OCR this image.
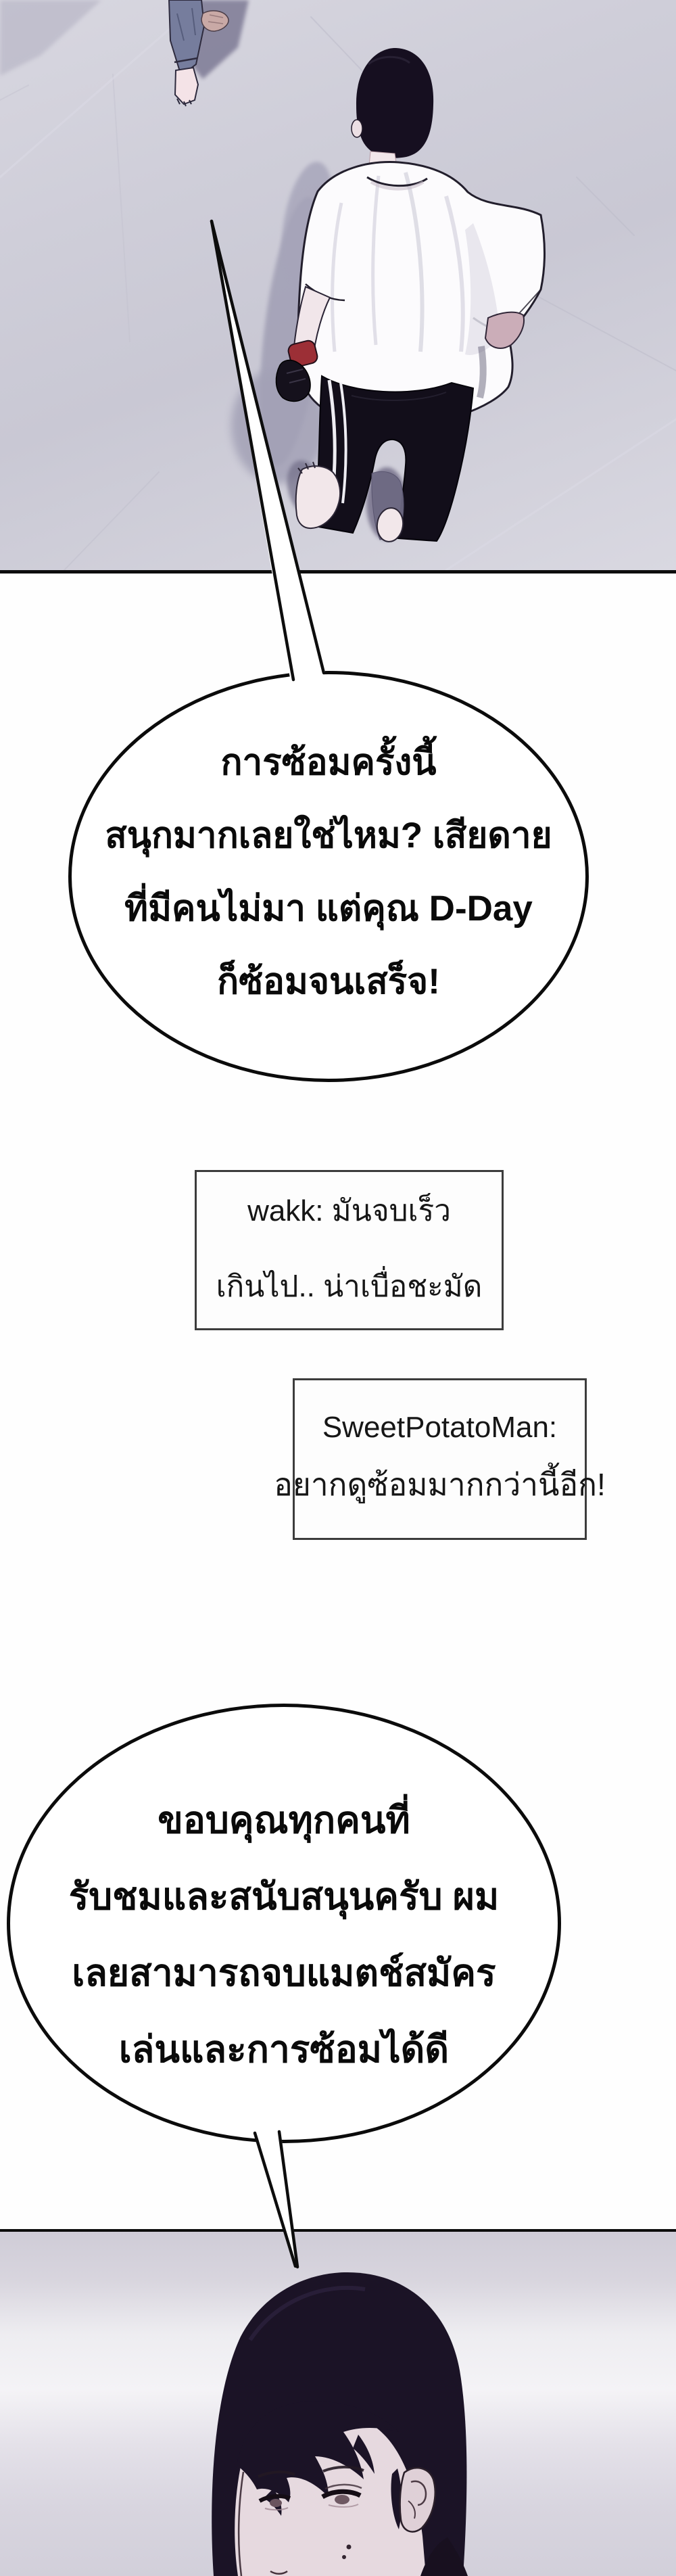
การซ้อมครั้งนี้
สนุกมากเลยใช่ไหม? เสียดาย
ที่มีคนไม่มา แต่คุณ D-Day
ก็ซ้อมจนเสร็จ!
wakk: มันจบเร็ว
เกินไป.. น่าเบื่อชะมัด
SweetPotatoMan:
อยากดูซ้อมมากกว่านี้อีก!
ขอบคุณทุกคนที่
รับชมและสนับสนุนครับ ผม
เลยสามารถจบแมตช์สมัคร
เล่นและการซ้อมได้ดี
